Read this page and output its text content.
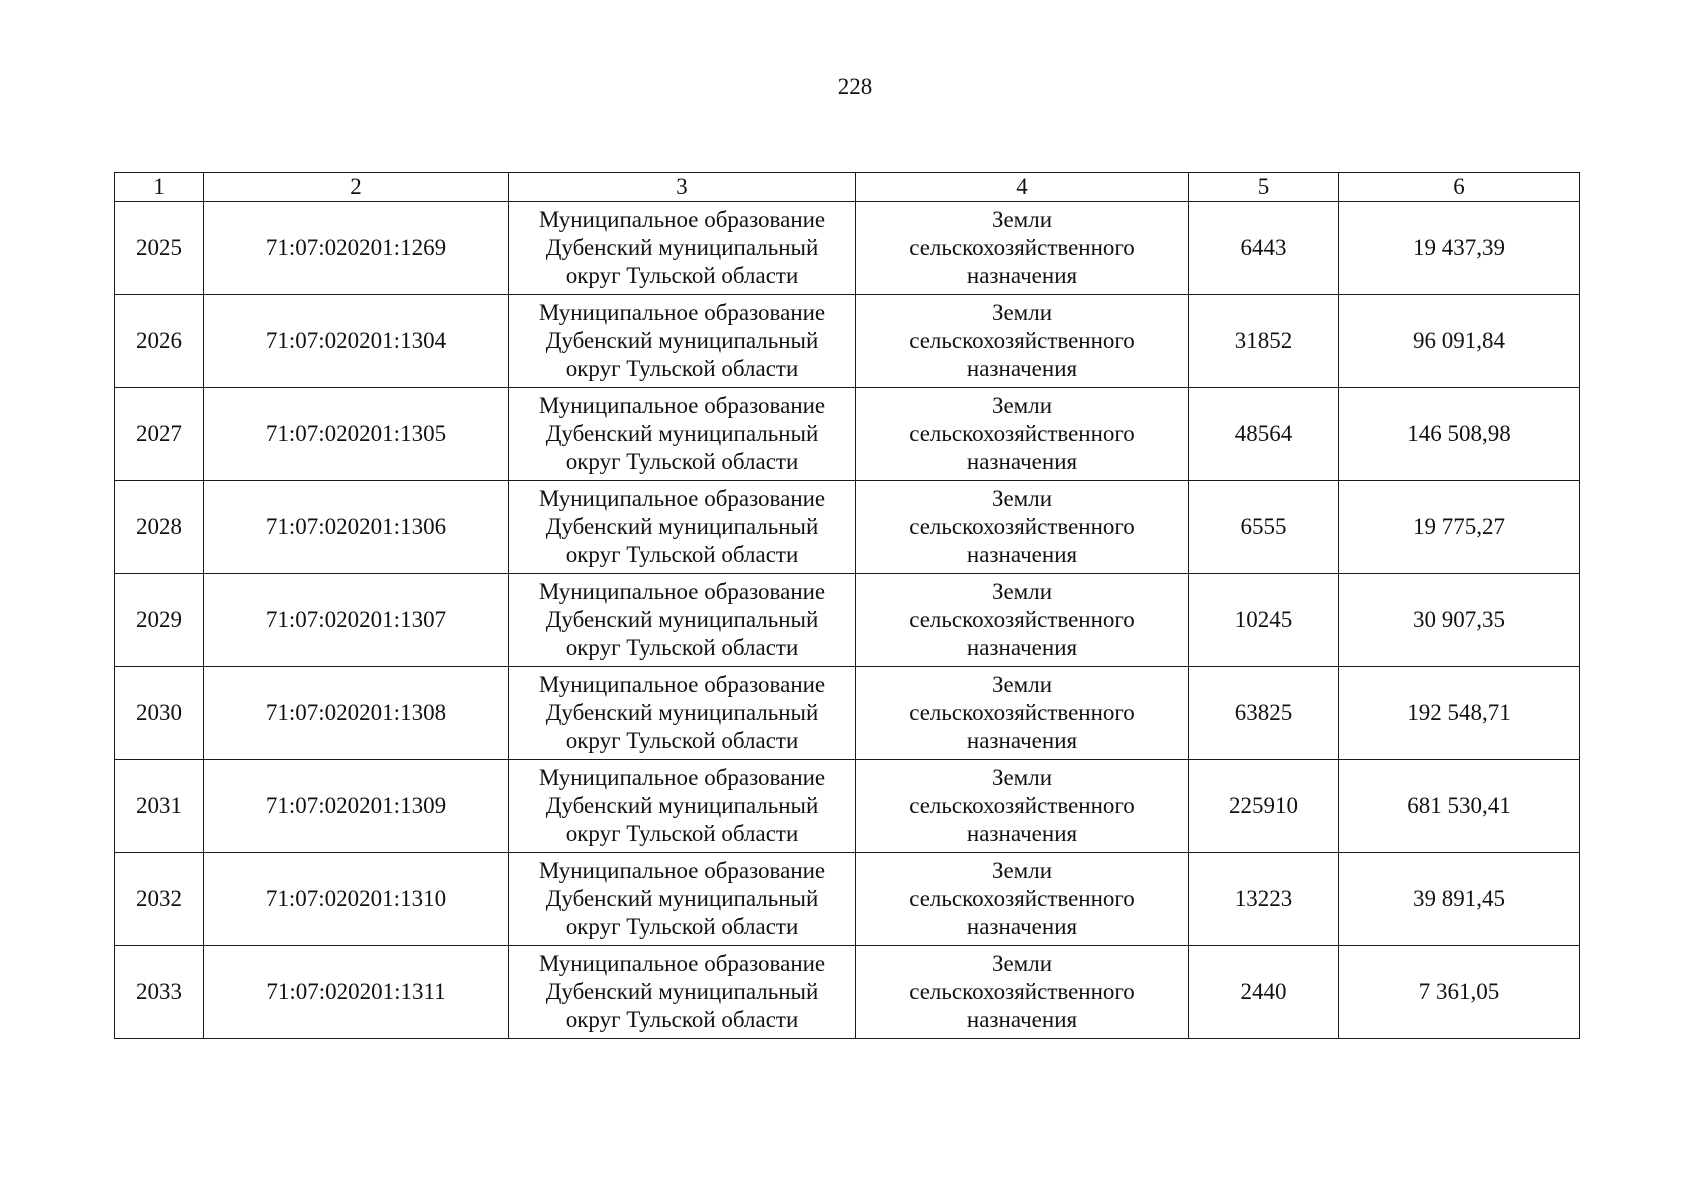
228
1	2	3	4	5	6
2025	71:07:020201:1269	Муниципальное образование
Дубенский муниципальный
округ Тульской области	Земли
сельскохозяйственного
назначения	6443	19 437,39
2026	71:07:020201:1304	Муниципальное образование
Дубенский муниципальный
округ Тульской области	Земли
сельскохозяйственного
назначения	31852	96 091,84
2027	71:07:020201:1305	Муниципальное образование
Дубенский муниципальный
округ Тульской области	Земли
сельскохозяйственного
назначения	48564	146 508,98
2028	71:07:020201:1306	Муниципальное образование
Дубенский муниципальный
округ Тульской области	Земли
сельскохозяйственного
назначения	6555	19 775,27
2029	71:07:020201:1307	Муниципальное образование
Дубенский муниципальный
округ Тульской области	Земли
сельскохозяйственного
назначения	10245	30 907,35
2030	71:07:020201:1308	Муниципальное образование
Дубенский муниципальный
округ Тульской области	Земли
сельскохозяйственного
назначения	63825	192 548,71
2031	71:07:020201:1309	Муниципальное образование
Дубенский муниципальный
округ Тульской области	Земли
сельскохозяйственного
назначения	225910	681 530,41
2032	71:07:020201:1310	Муниципальное образование
Дубенский муниципальный
округ Тульской области	Земли
сельскохозяйственного
назначения	13223	39 891,45
2033	71:07:020201:1311	Муниципальное образование
Дубенский муниципальный
округ Тульской области	Земли
сельскохозяйственного
назначения	2440	7 361,05
